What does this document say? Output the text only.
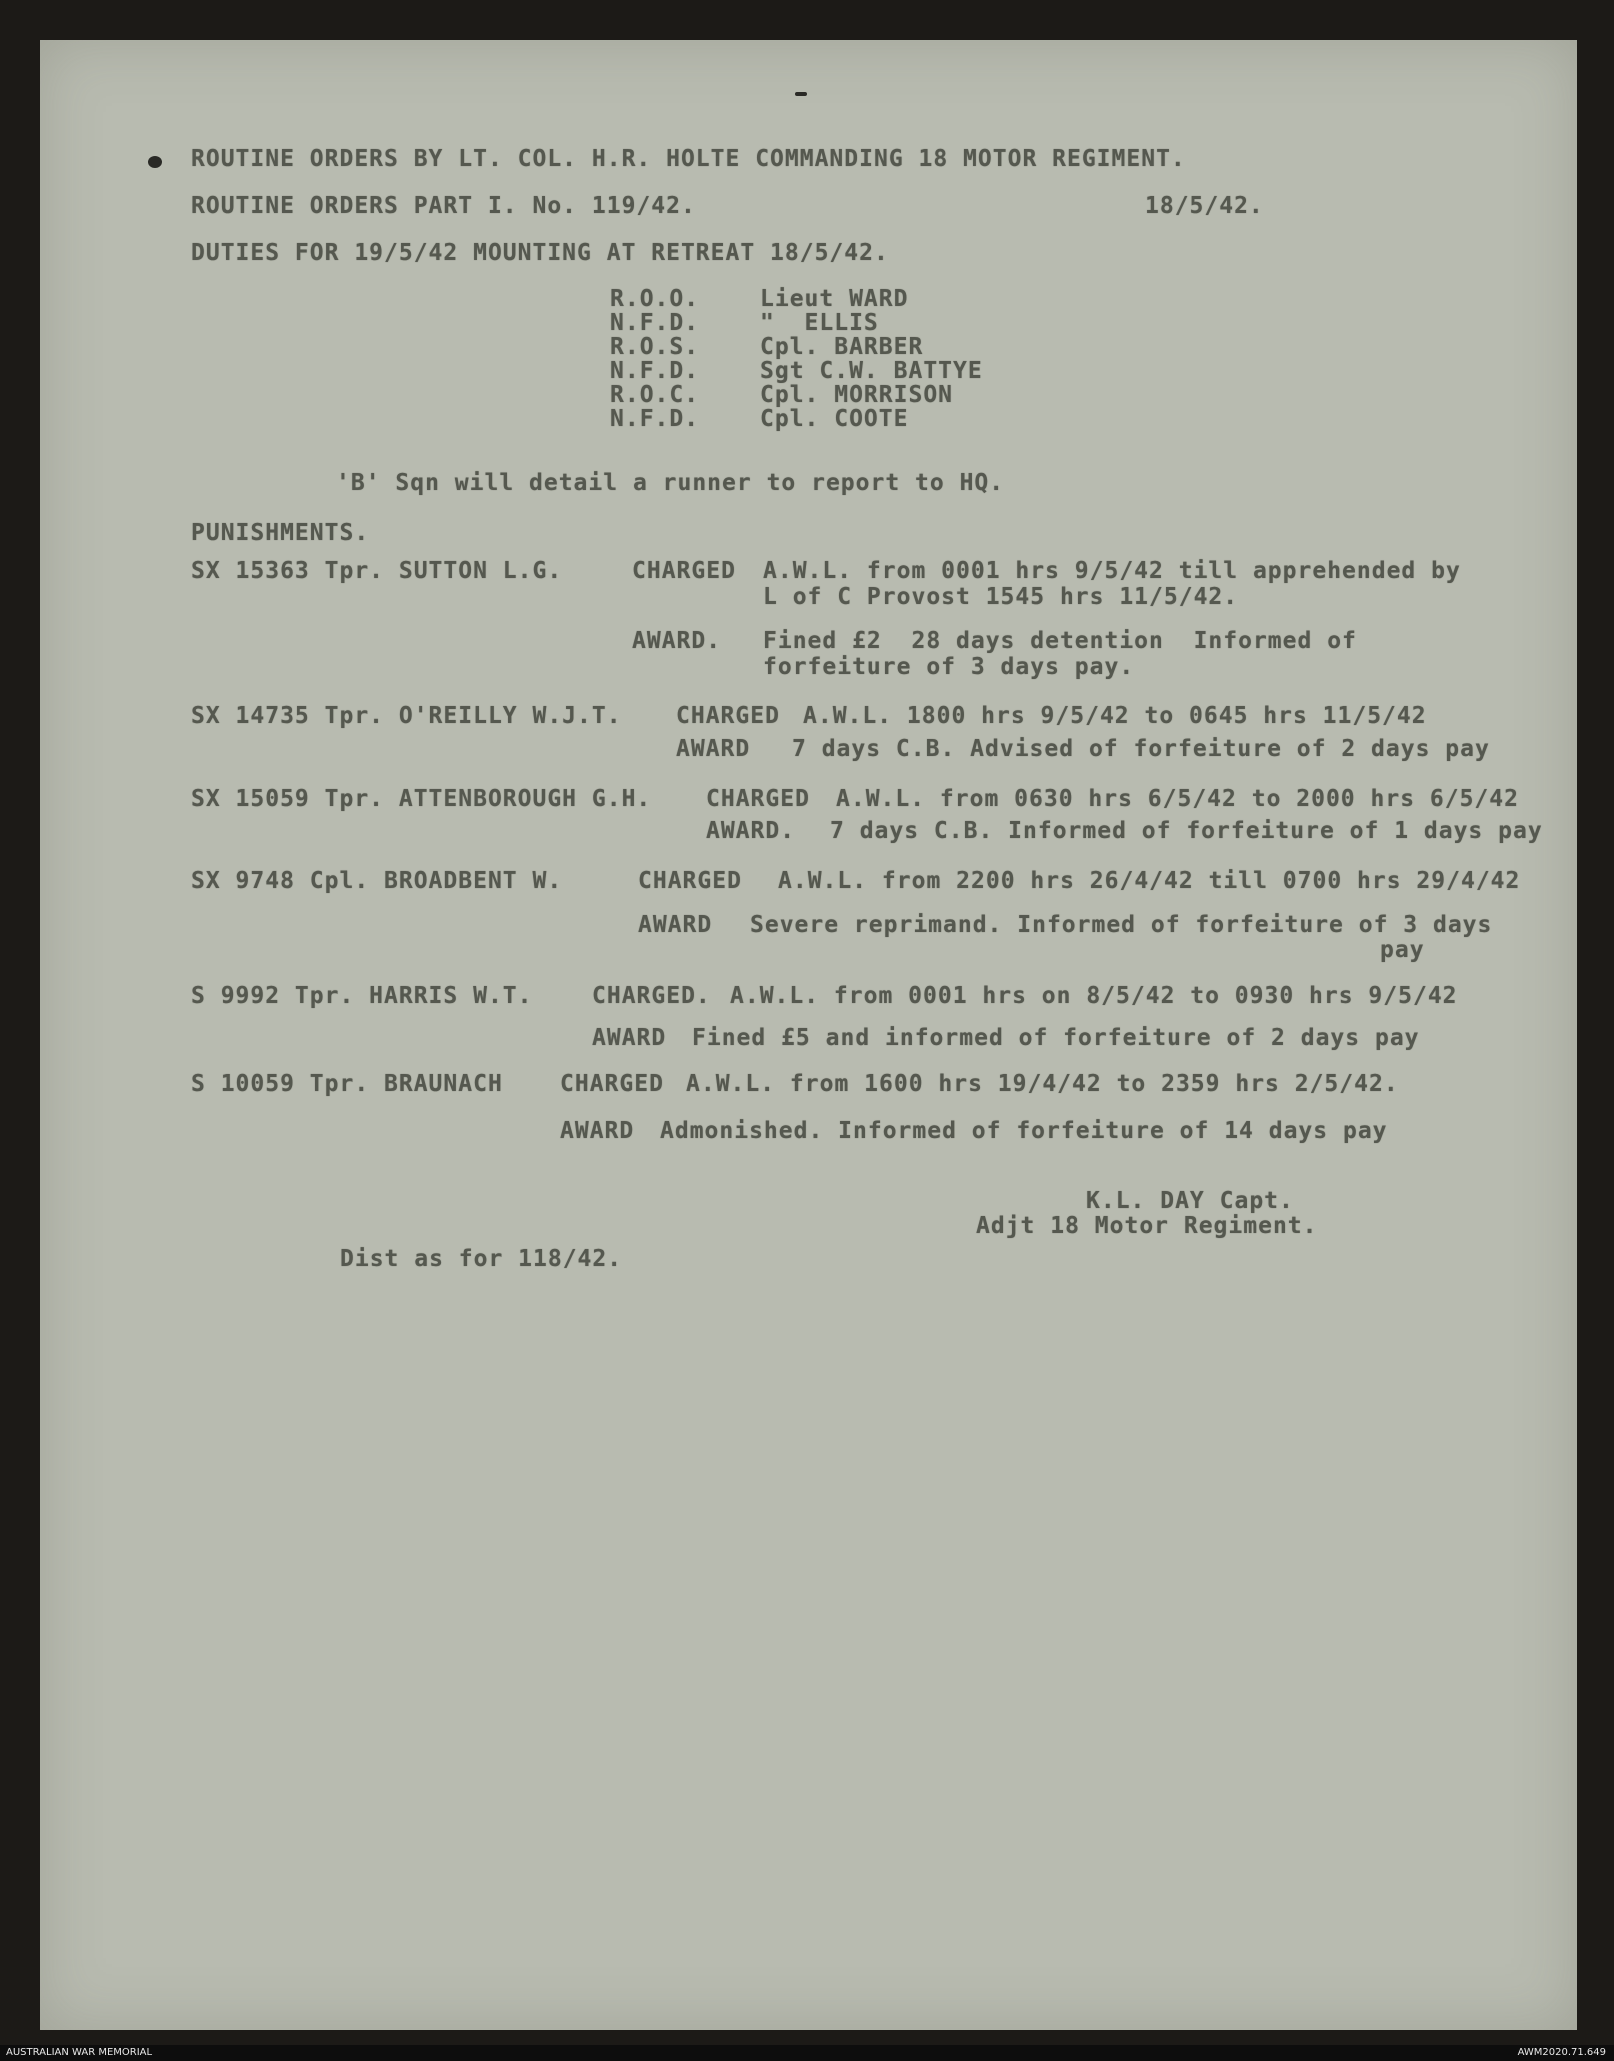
ROUTINE ORDERS BY LT. COL. H.R. HOLTE COMMANDING 18 MOTOR REGIMENT.
ROUTINE ORDERS PART I. No. 119/42.	18/5/42.
DUTIES FOR 19/5/42 MOUNTING AT RETREAT 18/5/42.
R.O.O.	Lieut WARD
N.F.D.	"  ELLIS
R.O.S.	Cpl. BARBER
N.F.D.	Sgt C.W. BATTYE
R.O.C.	Cpl. MORRISON
N.F.D.	Cpl. COOTE
'B' Sqn will detail a runner to report to HQ.
PUNISHMENTS.
SX 15363 Tpr. SUTTON L.G.	CHARGED A.W.L. from 0001 hrs 9/5/42 till apprehended by
L of C Provost 1545 hrs 11/5/42.
AWARD. Fined £2  28 days detention  Informed of
forfeiture of 3 days pay.
SX 14735 Tpr. O'REILLY W.J.T. CHARGED A.W.L. 1800 hrs 9/5/42 to 0645 hrs 11/5/42
AWARD 7 days C.B. Advised of forfeiture of 2 days pay
SX 15059 Tpr. ATTENBOROUGH G.H. CHARGED A.W.L. from 0630 hrs 6/5/42 to 2000 hrs 6/5/42
AWARD. 7 days C.B. Informed of forfeiture of 1 days pay
SX 9748 Cpl. BROADBENT W.	CHARGED A.W.L. from 2200 hrs 26/4/42 till 0700 hrs 29/4/42
AWARD Severe reprimand. Informed of forfeiture of 3 days
pay
S 9992 Tpr. HARRIS W.T.	CHARGED. A.W.L. from 0001 hrs on 8/5/42 to 0930 hrs 9/5/42
AWARD Fined £5 and informed of forfeiture of 2 days pay
S 10059 Tpr. BRAUNACH CHARGED A.W.L. from 1600 hrs 19/4/42 to 2359 hrs 2/5/42.
AWARD Admonished. Informed of forfeiture of 14 days pay
K.L. DAY Capt.
Adjt 18 Motor Regiment.
Dist as for 118/42.
AUSTRALIAN WAR MEMORIAL	AWM2020.71.649
